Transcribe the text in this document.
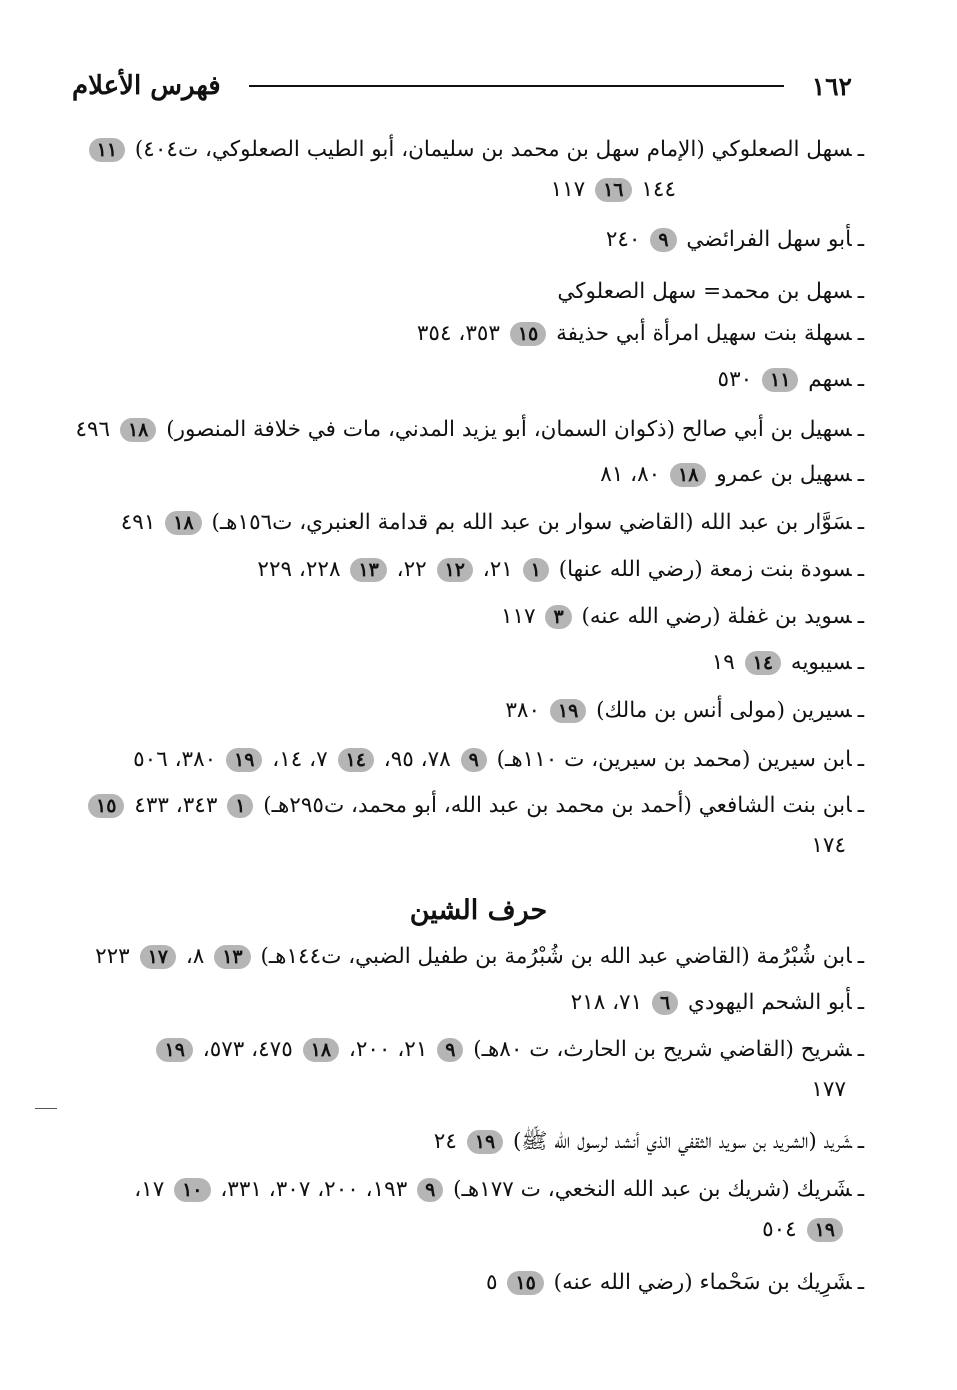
١٦٢
فهرس الأعلام
ـسهل الصعلوكي (الإمام سهل بن محمد بن سليمان، أبو الطيب الصعلوكي، ت٤٠٤) ١١
١٤٤ ١٦ ١١٧
ـأبو سهل الفرائضي ٩ ٢٤٠
ـسهل بن محمد= سهل الصعلوكي
ـسهلة بنت سهيل امرأة أبي حذيفة ١٥ ٣٥٣، ٣٥٤
ـسهم ١١ ٥٣٠
ـسهيل بن أبي صالح (ذكوان السمان، أبو يزيد المدني، مات في خلافة المنصور) ١٨ ٤٩٦
ـسهيل بن عمرو ١٨ ٨٠، ٨١
ـسَوَّار بن عبد الله (القاضي سوار بن عبد الله بم قدامة العنبري، ت١٥٦هـ) ١٨ ٤٩١
ـسودة بنت زمعة (رضي الله عنها) ١ ٢١، ١٢ ٢٢، ١٣ ٢٢٨، ٢٢٩
ـسويد بن غفلة (رضي الله عنه) ٣ ١١٧
ـسيبويه ١٤ ١٩
ـسيرين (مولى أنس بن مالك) ١٩ ٣٨٠
ـابن سيرين (محمد بن سيرين، ت ١١٠هـ) ٩ ٧٨، ٩٥، ١٤ ٧، ١٤، ١٩ ٣٨٠، ٥٠٦
ـابن بنت الشافعي (أحمد بن محمد بن عبد الله، أبو محمد، ت٢٩٥هـ) ١ ٣٤٣، ٤٣٣ ١٥
١٧٤
حرف الشين
ـابن شُبْرُمة (القاضي عبد الله بن شُبْرُمة بن طفيل الضبي، ت١٤٤هـ) ١٣ ٨، ١٧ ٢٢٣
ـأبو الشحم اليهودي ٦ ٧١، ٢١٨
ـشريح (القاضي شريح بن الحارث، ت ٨٠هـ) ٩ ٢١، ٢٠٠، ١٨ ٤٧٥، ٥٧٣، ١٩
١٧٧
ـشَريد (الشريد بن سويد الثقفي الذي أنشد لرسول الله ﷺ) ١٩ ٢٤
ـشَريك (شريك بن عبد الله النخعي، ت ١٧٧هـ) ٩ ١٩٣، ٢٠٠، ٣٠٧، ٣٣١، ١٠ ١٧،
١٩ ٥٠٤
ـشَرِيك بن سَحْماء (رضي الله عنه) ١٥ ٥
